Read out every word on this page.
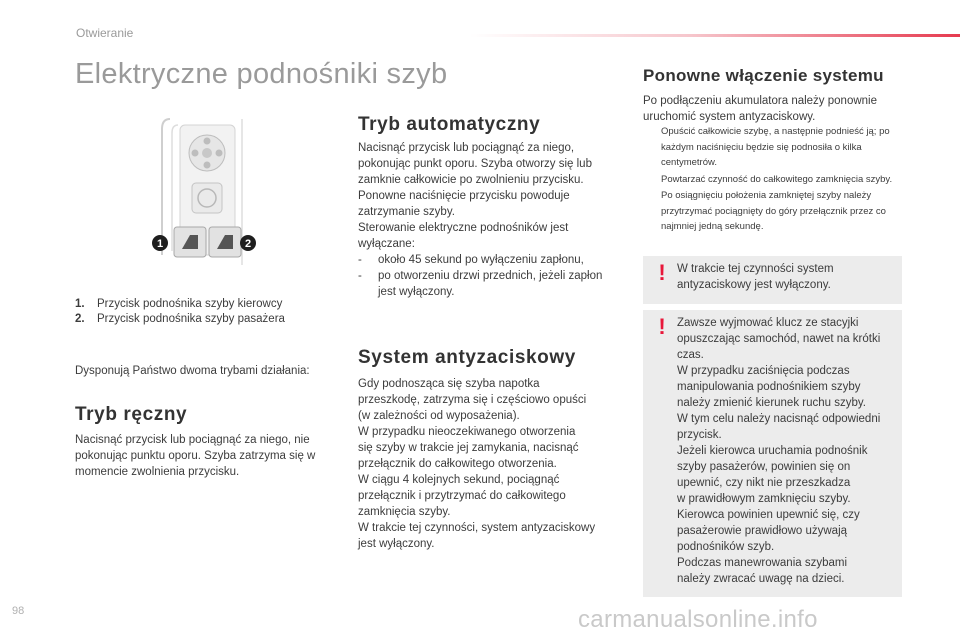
Otwieranie
Elektryczne podnośniki szyb
1	2
1.	Przycisk podnośnika szyby kierowcy
2.	Przycisk podnośnika szyby pasażera

Dysponują Państwo dwoma trybami działania:

Tryb ręczny

Nacisnąć przycisk lub pociągnąć za niego, nie pokonując punktu oporu. Szyba zatrzyma się w momencie zwolnienia przycisku.

Tryb automatyczny

Nacisnąć przycisk lub pociągnąć za niego,

pokonując punkt oporu. Szyba otworzy się lub

zamknie całkowicie po zwolnieniu przycisku.

Ponowne naciśnięcie przycisku powoduje

zatrzymanie szyby.

Sterowanie elektryczne podnośników jest

wyłączane:

-	około 45 sekund po wyłączeniu zapłonu,
-	po otworzeniu drzwi przednich, jeżeli zapłon jest wyłączony.
System antyzaciskowy

Gdy podnosząca się szyba napotka

przeszkodę, zatrzyma się i częściowo opuści

(w zależności od wyposażenia).

W przypadku nieoczekiwanego otworzenia

się szyby w trakcie jej zamykania, nacisnąć

przełącznik do całkowitego otworzenia.

W ciągu 4 kolejnych sekund, pociągnąć

przełącznik i przytrzymać do całkowitego

zamknięcia szyby.

W trakcie tej czynności, system antyzaciskowy

jest wyłączony.

Ponowne włączenie systemu

Po podłączeniu akumulatora należy ponownie

uruchomić system antyzaciskowy.

Opuścić całkowicie szybę, a następnie podnieść ją; po każdym naciśnięciu będzie się podnosiła o kilka centymetrów.
Powtarzać czynność do całkowitego zamknięcia szyby.
Po osiągnięciu położenia zamkniętej szyby należy przytrzymać pociągnięty do góry przełącznik przez co najmniej jedną sekundę.
! W trakcie tej czynności system

antyzaciskowy jest wyłączony.

! Zawsze wyjmować klucz ze stacyjki

opuszczając samochód, nawet na krótki

czas.

W przypadku zaciśnięcia podczas

manipulowania podnośnikiem szyby

należy zmienić kierunek ruchu szyby.

W tym celu należy nacisnąć odpowiedni

przycisk.

Jeżeli kierowca uruchamia podnośnik

szyby pasażerów, powinien się on

upewnić, czy nikt nie przeszkadza

w prawidłowym zamknięciu szyby.

Kierowca powinien upewnić się, czy

pasażerowie prawidłowo używają

podnośników szyb.

Podczas manewrowania szybami

należy zwracać uwagę na dzieci.

98	carmanualsonline.info
